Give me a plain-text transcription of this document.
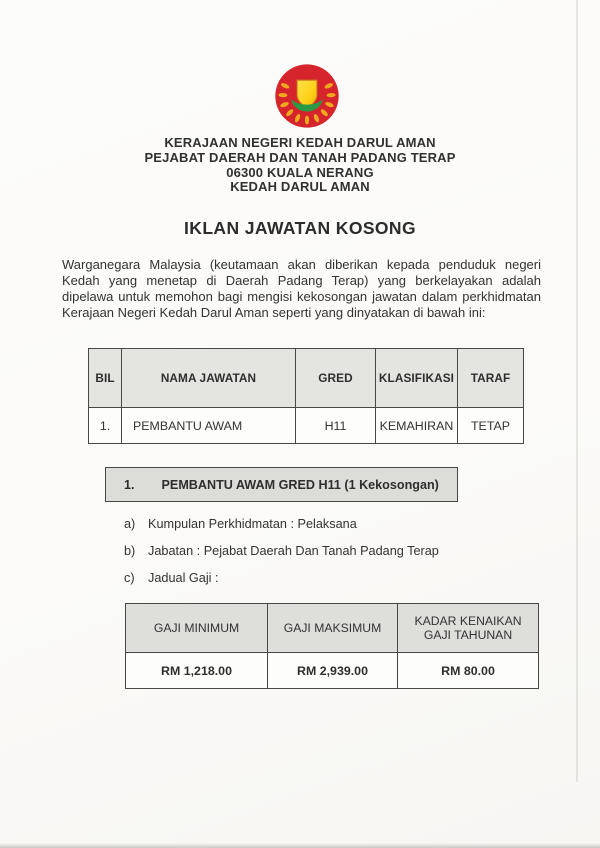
KERAJAAN NEGERI KEDAH DARUL AMAN
PEJABAT DAERAH DAN TANAH PADANG TERAP
06300 KUALA NERANG
KEDAH DARUL AMAN
IKLAN JAWATAN KOSONG

Warganegara Malaysia (keutamaan akan diberikan kepada penduduk negeri Kedah yang menetap di Daerah Padang Terap) yang berkelayakan adalah dipelawa untuk memohon bagi mengisi kekosongan jawatan dalam perkhidmatan Kerajaan Negeri Kedah Darul Aman seperti yang dinyatakan di bawah ini:

BIL	NAMA JAWATAN	GRED	KLASIFIKASI	TARAF
1.	PEMBANTU AWAM	H11	KEMAHIRAN	TETAP
1. PEMBANTU AWAM GRED H11 (1 Kekosongan)
a)	Kumpulan Perkhidmatan : Pelaksana
b)	Jabatan : Pejabat Daerah Dan Tanah Padang Terap
c)	Jadual Gaji :
GAJI MINIMUM	GAJI MAKSIMUM	KADAR KENAIKAN GAJI TAHUNAN
RM 1,218.00	RM 2,939.00	RM 80.00
